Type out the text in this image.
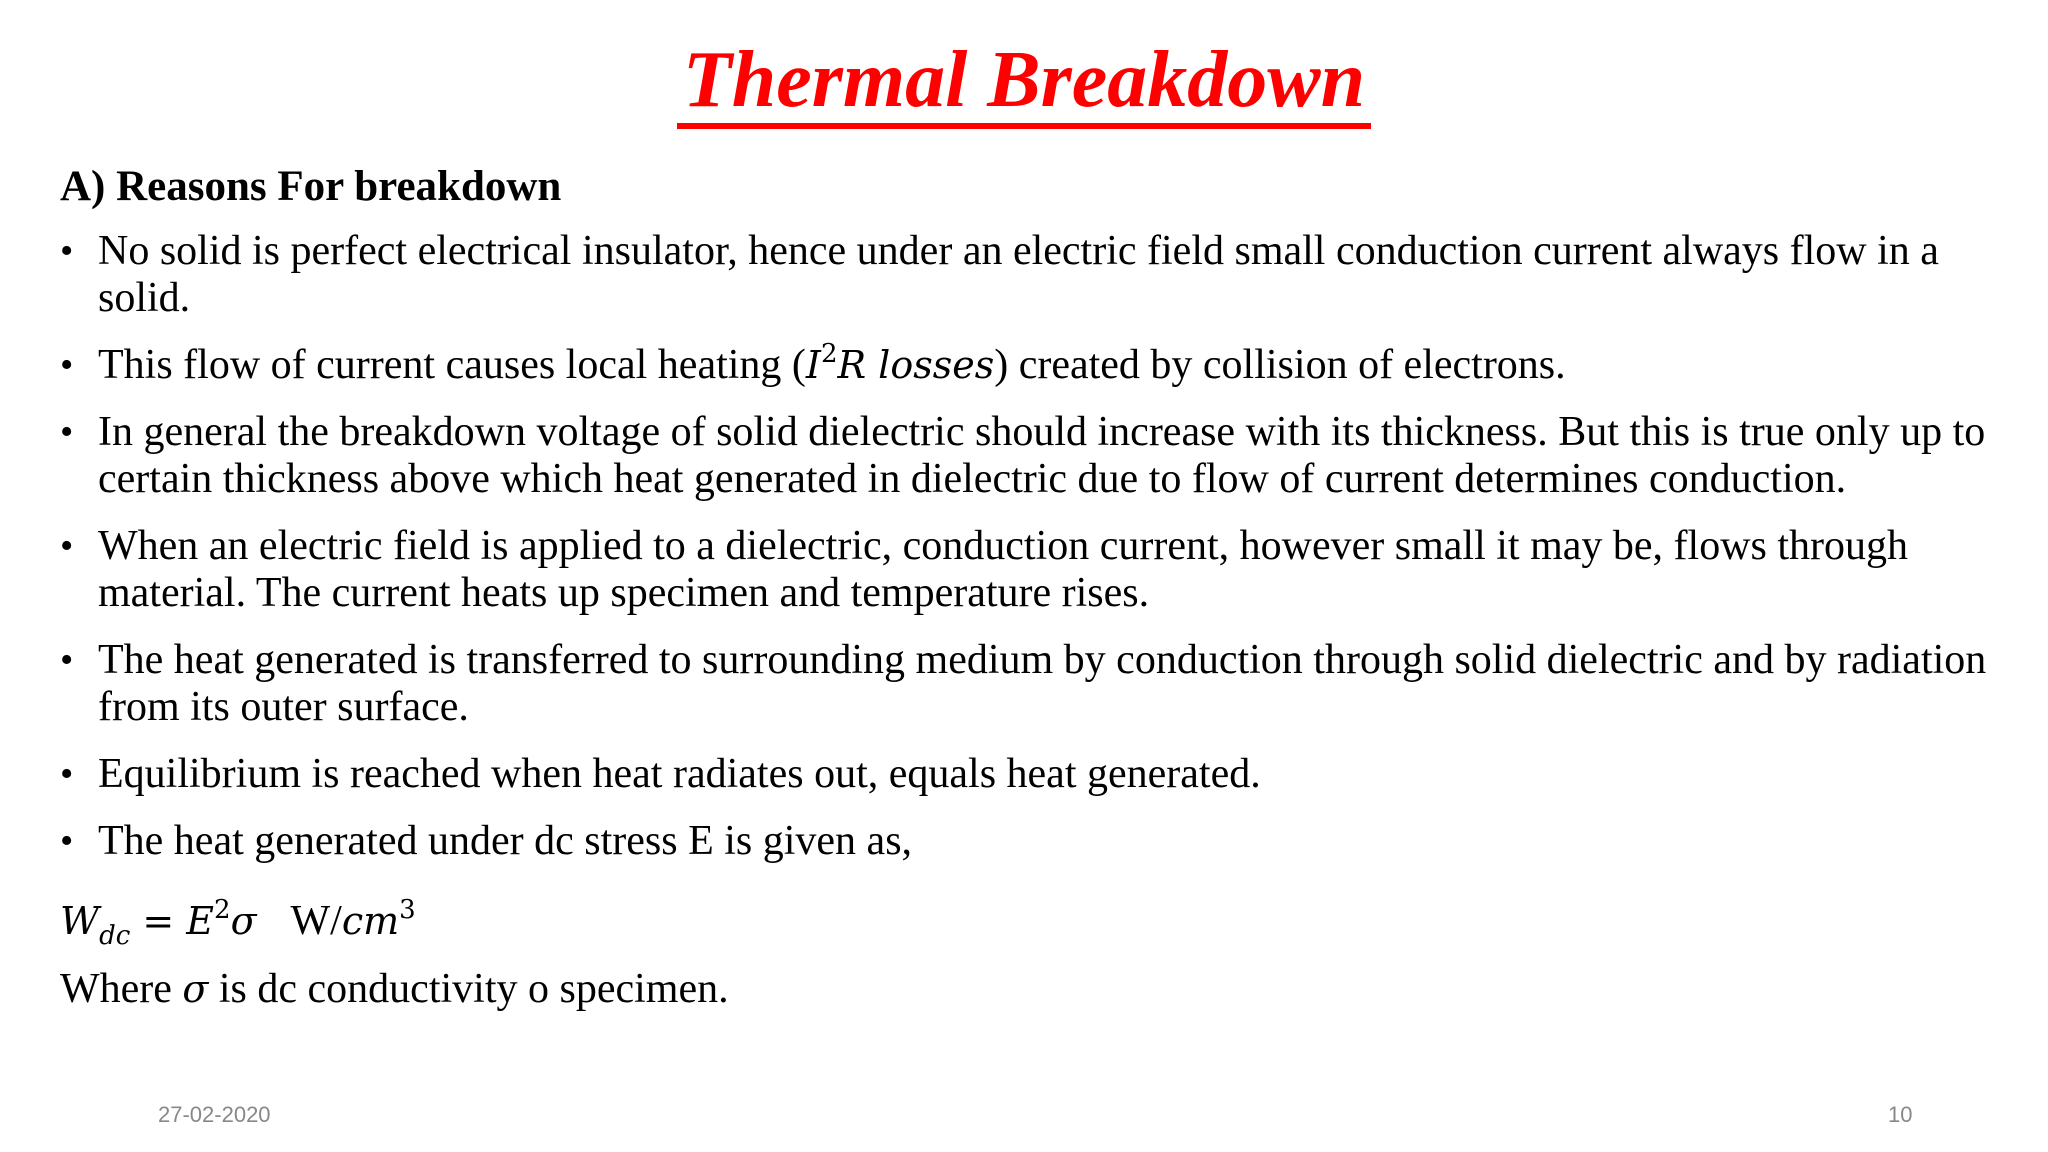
Thermal Breakdown
A) Reasons For breakdown
• No solid is perfect electrical insulator, hence under an electric field small conduction current always flow in a solid.
• This flow of current causes local heating ($I^2R$ losses) created by collision of electrons.
• In general the breakdown voltage of solid dielectric should increase with its thickness. But this is true only up to certain thickness above which heat generated in dielectric due to flow of current determines conduction.
• When an electric field is applied to a dielectric, conduction current, however small it may be, flows through material. The current heats up specimen and temperature rises.
• The heat generated is transferred to surrounding medium by conduction through solid dielectric and by radiation from its outer surface.
• Equilibrium is reached when heat radiates out, equals heat generated.
• The heat generated under dc stress E is given as,
$W_{dc} = E^2\sigma$ $W/cm^3$
Where σ is dc conductivity o specimen.
27-02-2020	10
